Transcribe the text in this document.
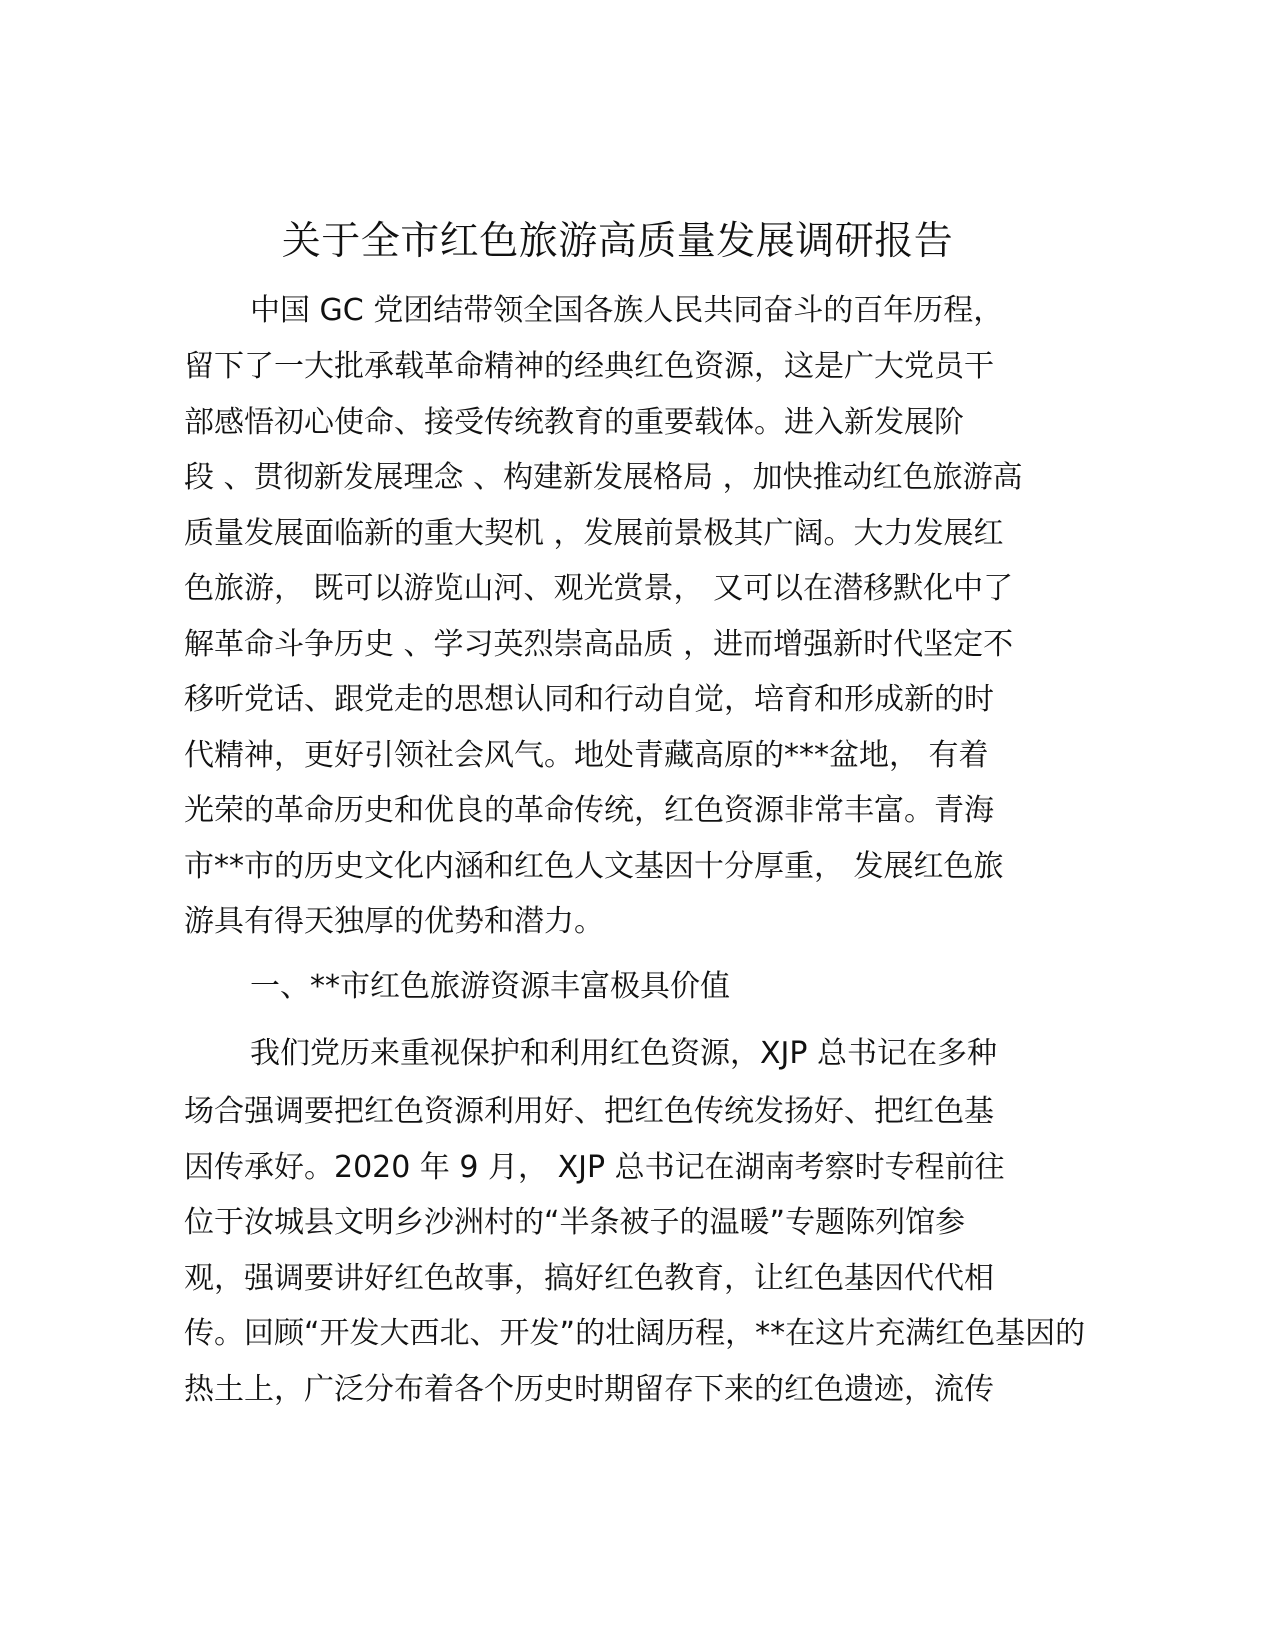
关于全市红色旅游高质量发展调研报告
中国 GC 党团结带领全国各族人民共同奋斗的百年历程，
留下了一大批承载革命精神的经典红色资源，这是广大党员干
部感悟初心使命、接受传统教育的重要载体。进入新发展阶
段 、贯彻新发展理念 、构建新发展格局 ，加快推动红色旅游高
质量发展面临新的重大契机 ，发展前景极其广阔。大力发展红
色旅游， 既可以游览山河、观光赏景， 又可以在潜移默化中了
解革命斗争历史 、学习英烈崇高品质 ，进而增强新时代坚定不
移听党话、跟党走的思想认同和行动自觉，培育和形成新的时
代精神，更好引领社会风气。地处青藏高原的***盆地， 有着
光荣的革命历史和优良的革命传统，红色资源非常丰富。青海
市**市的历史文化内涵和红色人文基因十分厚重， 发展红色旅
游具有得天独厚的优势和潜力。
一、**市红色旅游资源丰富极具价值
我们党历来重视保护和利用红色资源，XJP 总书记在多种
场合强调要把红色资源利用好、把红色传统发扬好、把红色基
因传承好。2020 年 9 月， XJP 总书记在湖南考察时专程前往
位于汝城县文明乡沙洲村的“半条被子的温暖”专题陈列馆参
观，强调要讲好红色故事，搞好红色教育，让红色基因代代相
传。回顾“开发大西北、开发”的壮阔历程，**在这片充满红色基因的
热土上，广泛分布着各个历史时期留存下来的红色遗迹，流传
